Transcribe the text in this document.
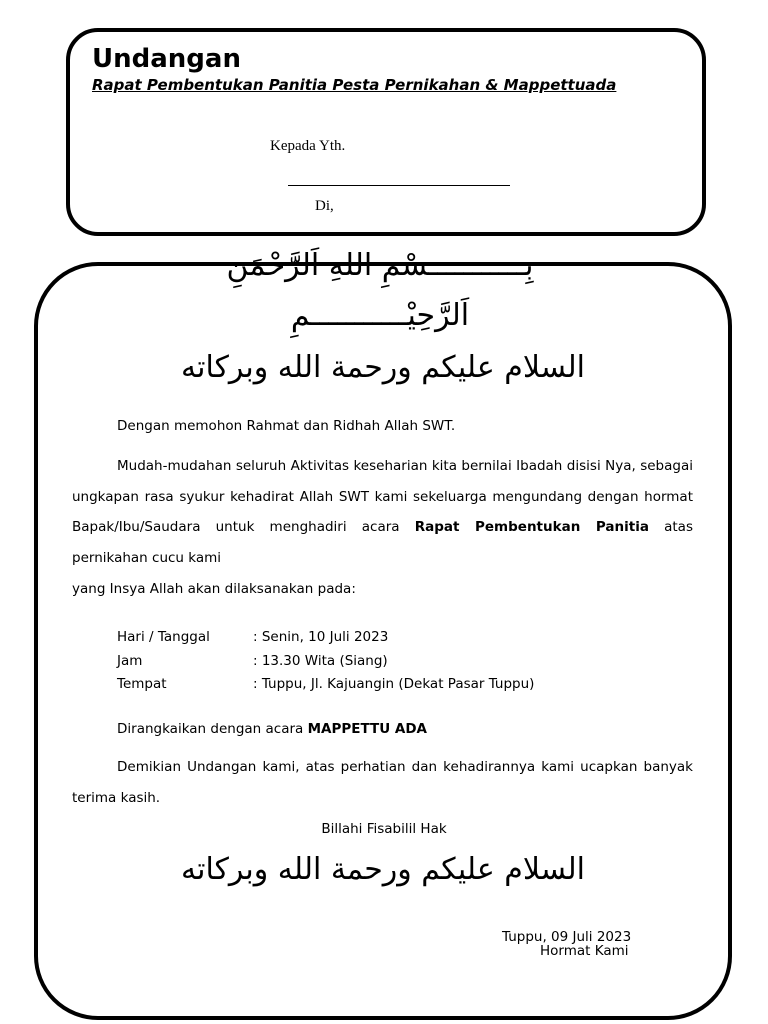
Undangan
Rapat Pembentukan Panitia Pesta Pernikahan & Mappettuada
Kepada Yth.
Di,
بِـــــــــــسْمِ اللهِ اَلرَّحْمَنِ
اَلرَّحِيْـــــــــــمِ
السلام عليكم ورحمة الله وبركاته
Dengan memohon Rahmat dan Ridhah Allah SWT.
Mudah-mudahan seluruh Aktivitas keseharian kita bernilai Ibadah disisi Nya, sebagai ungkapan rasa syukur kehadirat Allah SWT kami sekeluarga mengundang dengan hormat Bapak/Ibu/Saudara untuk menghadiri acara Rapat Pembentukan Panitia atas pernikahan cucu kami
yang Insya Allah akan dilaksanakan pada:
Hari / Tanggal	: Senin, 10 Juli 2023
Jam	: 13.30 Wita (Siang)
Tempat	: Tuppu, Jl. Kajuangin (Dekat Pasar Tuppu)
Dirangkaikan dengan acara MAPPETTU ADA
Demikian Undangan kami, atas perhatian dan kehadirannya kami ucapkan banyak terima kasih.
Billahi Fisabilil Hak
السلام عليكم ورحمة الله وبركاته
Tuppu, 09 Juli 2023
Hormat Kami
